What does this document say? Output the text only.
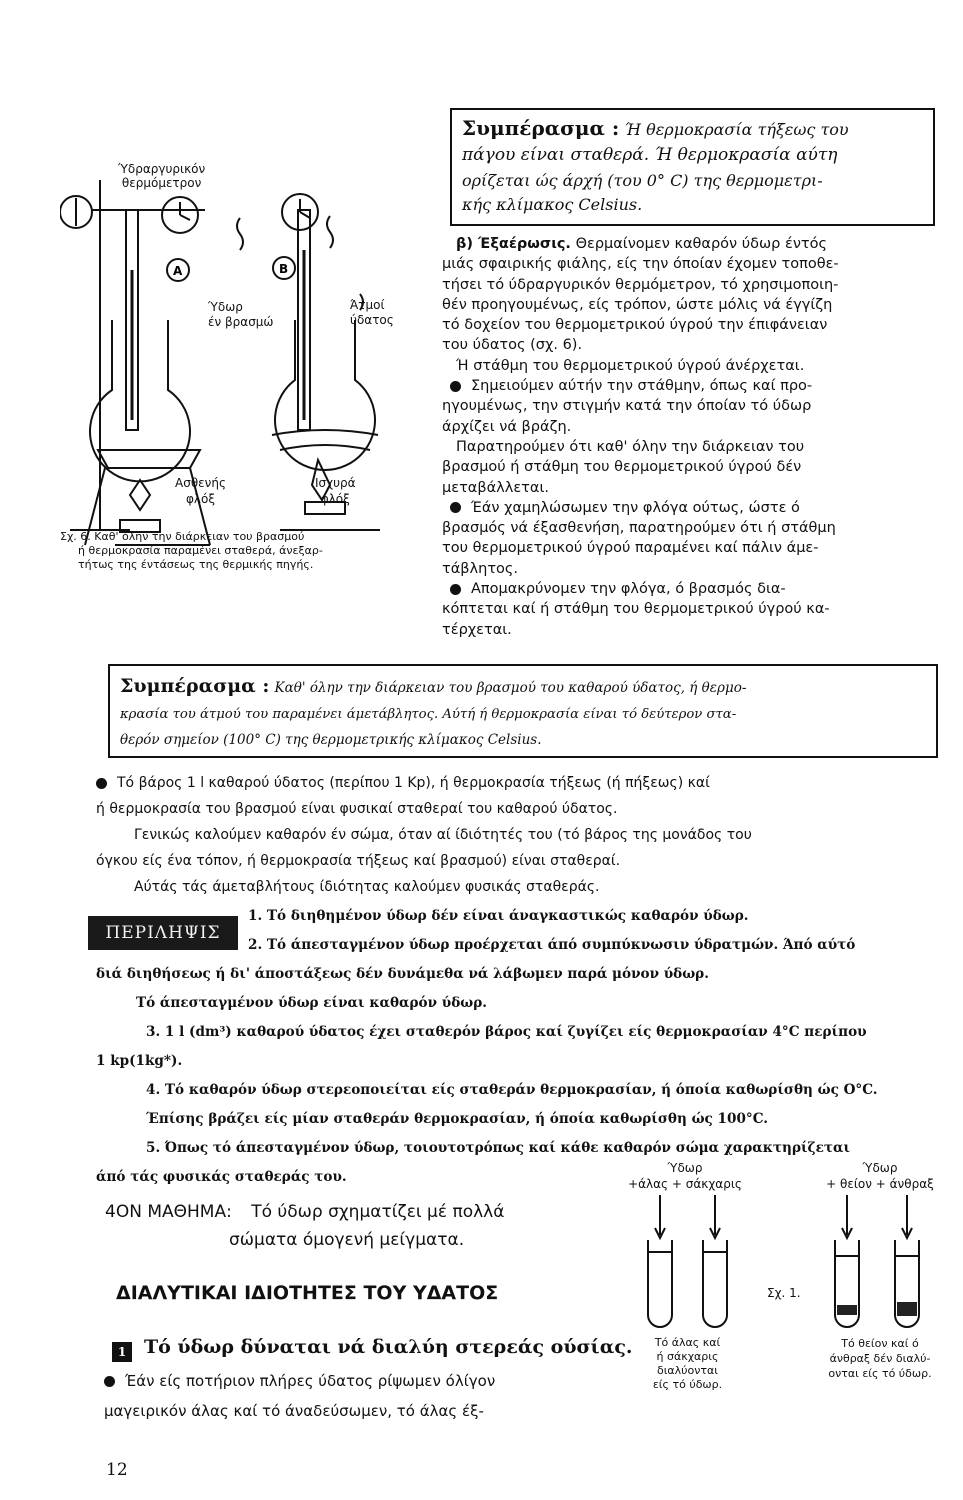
A	B
Ύδραργυρικόν
θερμόμετρον
Ύδωρ
έν βρασμώ
Άτμοί
ύδατος
Ασθενής
φλόξ
Ισχυρά
φλόξ
Σχ. 6. Καθ' όλην την διάρκειαν του βρασμού
ή θερμοκρασία παραμένει σταθερά, άνεξαρ-
τήτως της έντάσεως της θερμικής πηγής.
Συμπέρασμα : Ή θερμοκρασία τήξεως του
πάγου είναι σταθερά. Ή θερμοκρασία αύτη
ορίζεται ώς άρχή (του 0° C) της θερμομετρι-
κής κλίμακος Celsius.
β) Έξαέρωσις. Θερμαίνομεν καθαρόν ύδωρ έντός
μιάς σφαιρικής φιάλης, είς την όποίαν έχομεν τοποθε-
τήσει τό ύδραργυρικόν θερμόμετρον, τό χρησιμοποιη-
θέν προηγουμένως, είς τρόπον, ώστε μόλις νά έγγίζη
τό δοχείον του θερμομετρικού ύγρού την έπιφάνειαν
του ύδατος (σχ. 6).
Ή στάθμη του θερμομετρικού ύγρού άνέρχεται.
Σημειούμεν αύτήν την στάθμην, όπως καί προ-
ηγουμένως, την στιγμήν κατά την όποίαν τό ύδωρ
άρχίζει νά βράζη.
Παρατηρούμεν ότι καθ' όλην την διάρκειαν του
βρασμού ή στάθμη του θερμομετρικού ύγρού δέν
μεταβάλλεται.
Έάν χαμηλώσωμεν την φλόγα ούτως, ώστε ό
βρασμός νά έξασθενήση, παρατηρούμεν ότι ή στάθμη
του θερμομετρικού ύγρού παραμένει καί πάλιν άμε-
τάβλητος.
Απομακρύνομεν την φλόγα, ό βρασμός δια-
κόπτεται καί ή στάθμη του θερμομετρικού ύγρού κα-
τέρχεται.
Συμπέρασμα : Καθ' όλην την διάρκειαν του βρασμού του καθαρού ύδατος, ή θερμο-
κρασία του άτμού του παραμένει άμετάβλητος. Αύτή ή θερμοκρασία είναι τό δεύτερον στα-
θερόν σημείον (100° C) της θερμομετρικής κλίμακος Celsius.
Τό βάρος 1 l καθαρού ύδατος (περίπου 1 Kp), ή θερμοκρασία τήξεως (ή πήξεως) καί
ή θερμοκρασία του βρασμού είναι φυσικαί σταθεραί του καθαρού ύδατος.
Γενικώς καλούμεν καθαρόν έν σώμα, όταν αί ίδιότητές του (τό βάρος της μονάδος του
όγκου είς ένα τόπον, ή θερμοκρασία τήξεως καί βρασμού) είναι σταθεραί.
Αύτάς τάς άμεταβλήτους ίδιότητας καλούμεν φυσικάς σταθεράς.
ΠΕΡΙΛΗΨΙΣ
1. Τό διηθημένον ύδωρ δέν είναι άναγκαστικώς καθαρόν ύδωρ.
2. Τό άπεσταγμένον ύδωρ προέρχεται άπό συμπύκνωσιν ύδρατμών. Άπό αύτό
διά διηθήσεως ή δι' άποστάξεως δέν δυνάμεθα νά λάβωμεν παρά μόνον ύδωρ.
Τό άπεσταγμένον ύδωρ είναι καθαρόν ύδωρ.
3. 1 l (dm³) καθαρού ύδατος έχει σταθερόν βάρος καί ζυγίζει είς θερμοκρασίαν 4°C περίπου
1 kp(1kg*).
4. Τό καθαρόν ύδωρ στερεοποιείται είς σταθεράν θερμοκρασίαν, ή όποία καθωρίσθη ώς O°C.
Έπίσης βράζει είς μίαν σταθεράν θερμοκρασίαν, ή όποία καθωρίσθη ώς 100°C.
5. Όπως τό άπεσταγμένον ύδωρ, τοιουτοτρόπως καί κάθε καθαρόν σώμα χαρακτηρίζεται
άπό τάς φυσικάς σταθεράς του.
4ΟΝ ΜΑΘΗΜΑ: Τό ύδωρ σχηματίζει μέ πολλά
σώματα όμογενή μείγματα.
ΔΙΑΛΥΤΙΚΑΙ ΙΔΙΟΤΗΤΕΣ ΤΟΥ ΥΔΑΤΟΣ
1 Τό ύδωρ δύναται νά διαλύη στερεάς ούσίας.
Έάν είς ποτήριον πλήρες ύδατος ρίψωμεν όλίγον
μαγειρικόν άλας καί τό άναδεύσωμεν, τό άλας έξ-
Ύδωρ
+άλας + σάκχαρις
Ύδωρ
+ θείον + άνθραξ
Σχ. 1.
Τό άλας καί
ή σάκχαρις
διαλύονται
είς τό ύδωρ.
Τό θείον καί ό
άνθραξ δέν διαλύ-
ονται είς τό ύδωρ.
12
